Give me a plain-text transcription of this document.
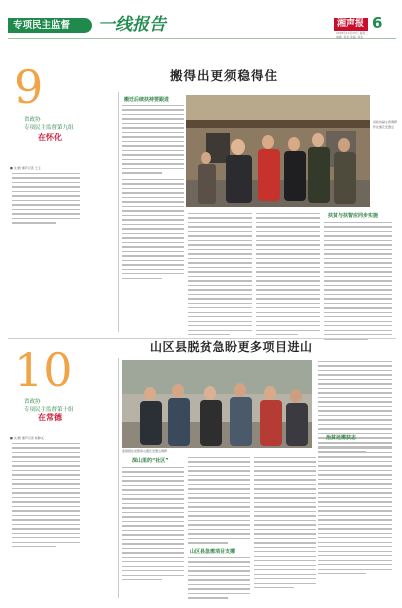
专项民主监督 一线报告	湘声报 6
2018年10月23日 星期二
编辑: 刘凌 美编: 刘凌
9
省政协
专项民主监督第九组
在怀化
■ 文/图 湘声记者 王玉
搬得出更须稳得住
搬迁后续扶持要跟进
省政协副主席调研怀化搬迁安置点
扶贫与扶智应同步实施
10
省政协
专项民主监督第十组
在常德
■ 文/图 湘声记者 杨静文
山区县脱贫急盼更多项目进山
监督组在常德深山搬迁安置点调研
治贫还需扶志
深山里的“社区”
山区县急需项目支撑
